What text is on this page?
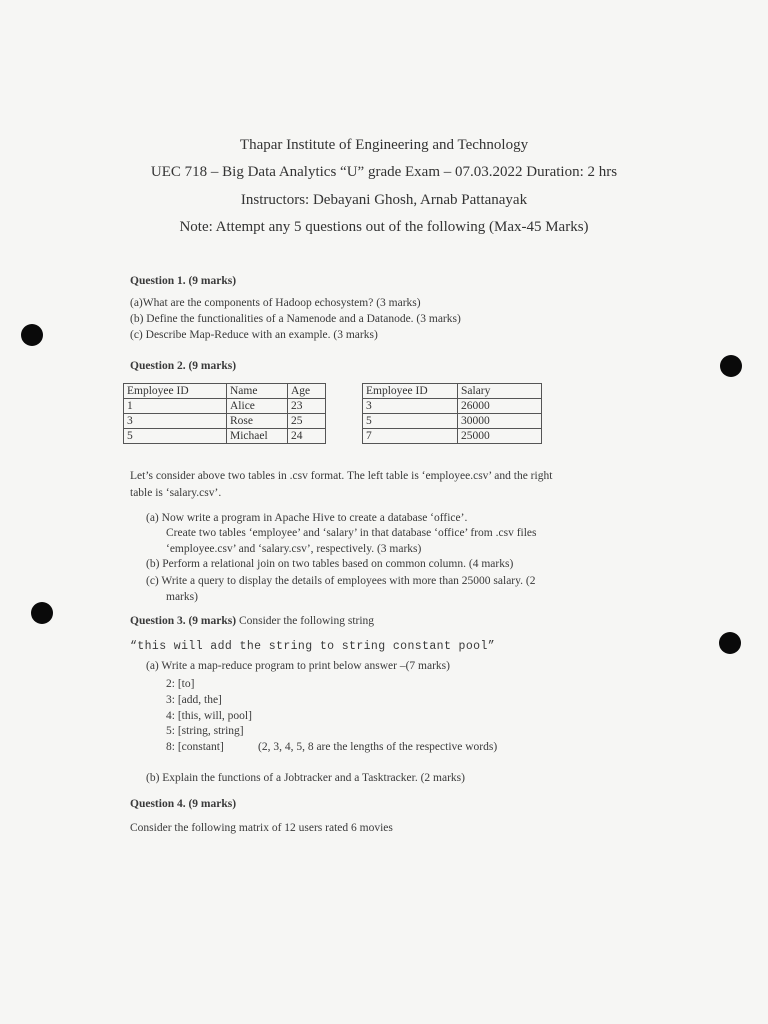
Thapar Institute of Engineering and Technology
UEC 718 – Big Data Analytics “U” grade Exam – 07.03.2022 Duration: 2 hrs
Instructors: Debayani Ghosh, Arnab Pattanayak
Note: Attempt any 5 questions out of the following (Max-45 Marks)
Question 1. (9 marks)
(a)What are the components of Hadoop echosystem? (3 marks)
(b) Define the functionalities of a Namenode and a Datanode. (3 marks)
(c) Describe Map-Reduce with an example. (3 marks)
Question 2. (9 marks)
Employee ID	Name	Age
1	Alice	23
3	Rose	25
5	Michael	24
Employee ID	Salary
3	26000
5	30000
7	25000
Let’s consider above two tables in .csv format. The left table is ‘employee.csv’ and the right
table is ‘salary.csv’.
(a) Now write a program in Apache Hive to create a database ‘office’.
Create two tables ‘employee’ and ‘salary’ in that database ‘office’ from .csv files
‘employee.csv’ and ‘salary.csv’, respectively. (3 marks)
(b) Perform a relational join on two tables based on common column. (4 marks)
(c) Write a query to display the details of employees with more than 25000 salary. (2
marks)
Question 3. (9 marks) Consider the following string
“this will add the string to string constant pool”
(a) Write a map-reduce program to print below answer –(7 marks)
2: [to]
3: [add, the]
4: [this, will, pool]
5: [string, string]
8: [constant]	(2, 3, 4, 5, 8 are the lengths of the respective words)
(b) Explain the functions of a Jobtracker and a Tasktracker. (2 marks)
Question 4. (9 marks)
Consider the following matrix of 12 users rated 6 movies
